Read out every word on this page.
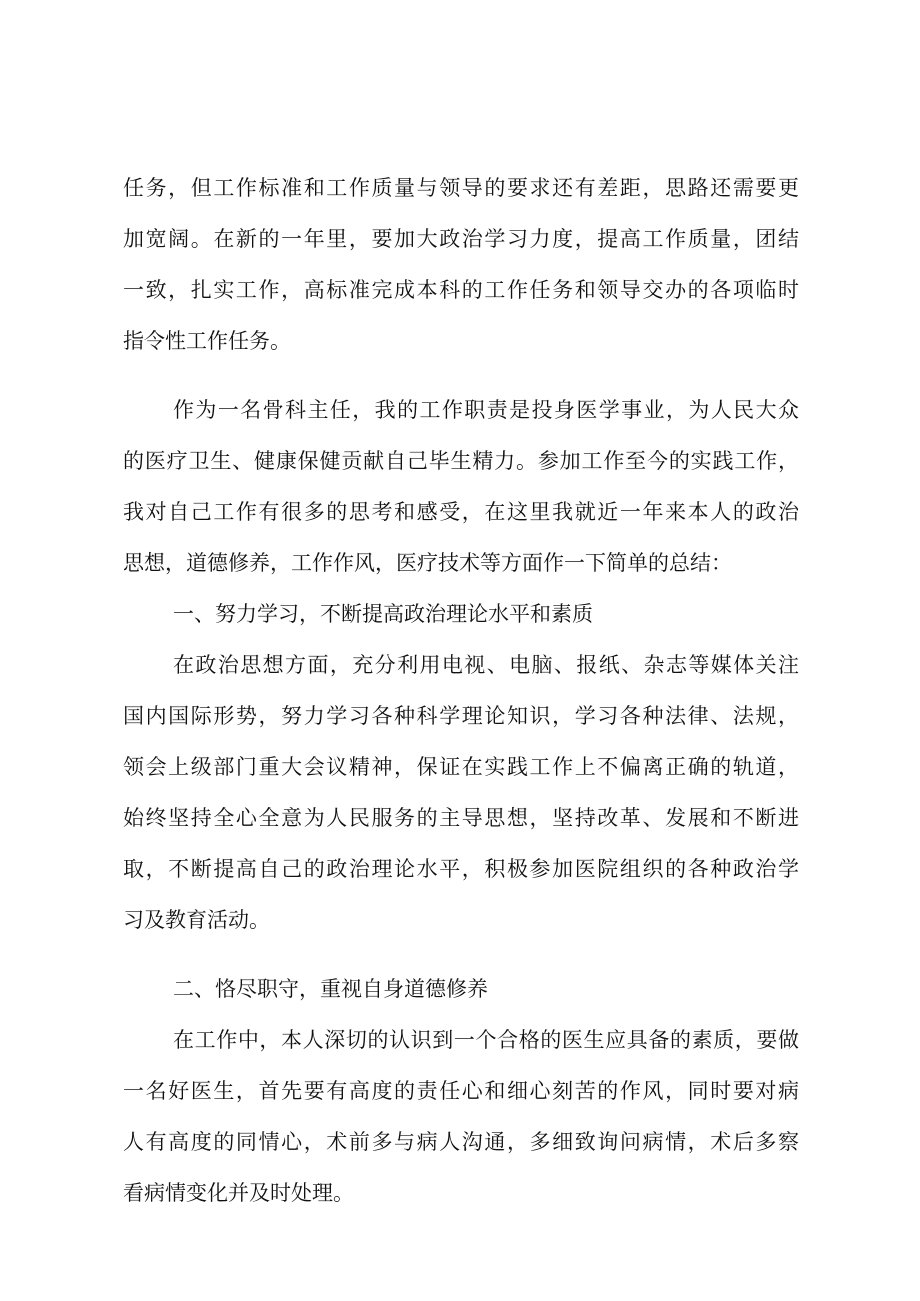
任务，但工作标准和工作质量与领导的要求还有差距，思路还需要更
加宽阔。在新的一年里，要加大政治学习力度，提高工作质量，团结
一致，扎实工作，高标准完成本科的工作任务和领导交办的各项临时
指令性工作任务。
作为一名骨科主任，我的工作职责是投身医学事业，为人民大众
的医疗卫生、健康保健贡献自己毕生精力。参加工作至今的实践工作，
我对自己工作有很多的思考和感受，在这里我就近一年来本人的政治
思想，道德修养，工作作风，医疗技术等方面作一下简单的总结：
一、努力学习，不断提高政治理论水平和素质
在政治思想方面，充分利用电视、电脑、报纸、杂志等媒体关注
国内国际形势，努力学习各种科学理论知识，学习各种法律、法规，
领会上级部门重大会议精神，保证在实践工作上不偏离正确的轨道，
始终坚持全心全意为人民服务的主导思想，坚持改革、发展和不断进
取，不断提高自己的政治理论水平，积极参加医院组织的各种政治学
习及教育活动。
二、恪尽职守，重视自身道德修养
在工作中，本人深切的认识到一个合格的医生应具备的素质，要做
一名好医生，首先要有高度的责任心和细心刻苦的作风，同时要对病
人有高度的同情心，术前多与病人沟通，多细致询问病情，术后多察
看病情变化并及时处理。
